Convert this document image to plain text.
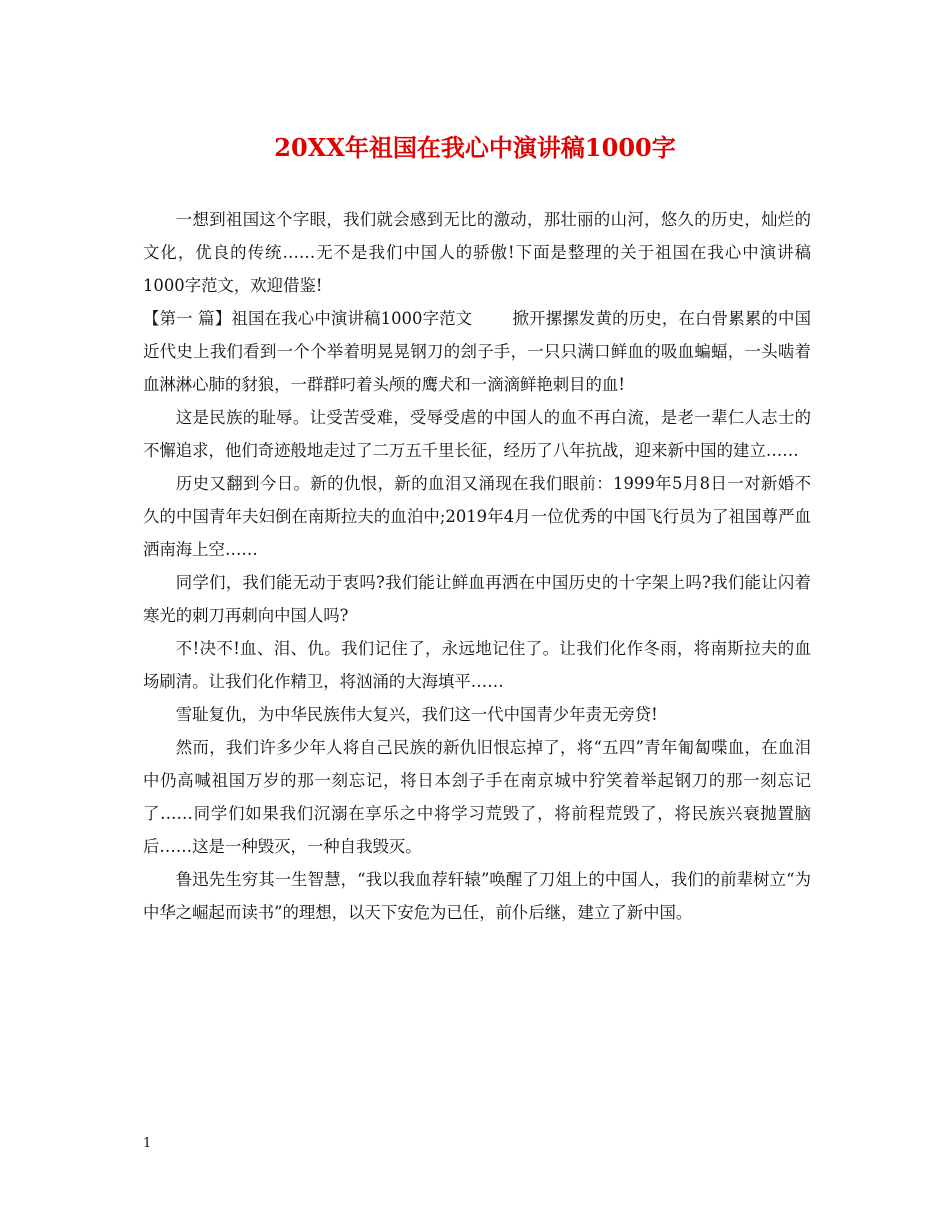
20XX年祖国在我心中演讲稿1000字

一想到祖国这个字眼，我们就会感到无比的激动，那壮丽的山河，悠久的历史，灿烂的文化，优良的传统……无不是我们中国人的骄傲!下面是整理的关于祖国在我心中演讲稿1000字范文，欢迎借鉴!

【第一 篇】祖国在我心中演讲稿1000字范文 掀开摞摞发黄的历史，在白骨累累的中国近代史上我们看到一个个举着明晃晃钢刀的刽子手，一只只满口鲜血的吸血蝙蝠，一头啮着血淋淋心肺的豺狼，一群群叼着头颅的鹰犬和一滴滴鲜艳刺目的血!

这是民族的耻辱。让受苦受难，受辱受虐的中国人的血不再白流，是老一辈仁人志士的不懈追求，他们奇迹般地走过了二万五千里长征，经历了八年抗战，迎来新中国的建立……

历史又翻到今日。新的仇恨，新的血泪又涌现在我们眼前：1999年5月8日一对新婚不久的中国青年夫妇倒在南斯拉夫的血泊中;2019年4月一位优秀的中国飞行员为了祖国尊严血洒南海上空……

同学们，我们能无动于衷吗?我们能让鲜血再洒在中国历史的十字架上吗?我们能让闪着寒光的刺刀再刺向中国人吗?

不!决不!血、泪、仇。我们记住了，永远地记住了。让我们化作冬雨，将南斯拉夫的血场刷清。让我们化作精卫，将汹涌的大海填平……

雪耻复仇，为中华民族伟大复兴，我们这一代中国青少年责无旁贷!

然而，我们许多少年人将自己民族的新仇旧恨忘掉了，将“五四”青年匍匐喋血，在血泪中仍高喊祖国万岁的那一刻忘记，将日本刽子手在南京城中狞笑着举起钢刀的那一刻忘记了……同学们如果我们沉溺在享乐之中将学习荒毁了，将前程荒毁了，将民族兴衰抛置脑后……这是一种毁灭，一种自我毁灭。

鲁迅先生穷其一生智慧，“我以我血荐轩辕”唤醒了刀俎上的中国人，我们的前辈树立“为中华之崛起而读书”的理想，以天下安危为已任，前仆后继，建立了新中国。

1
